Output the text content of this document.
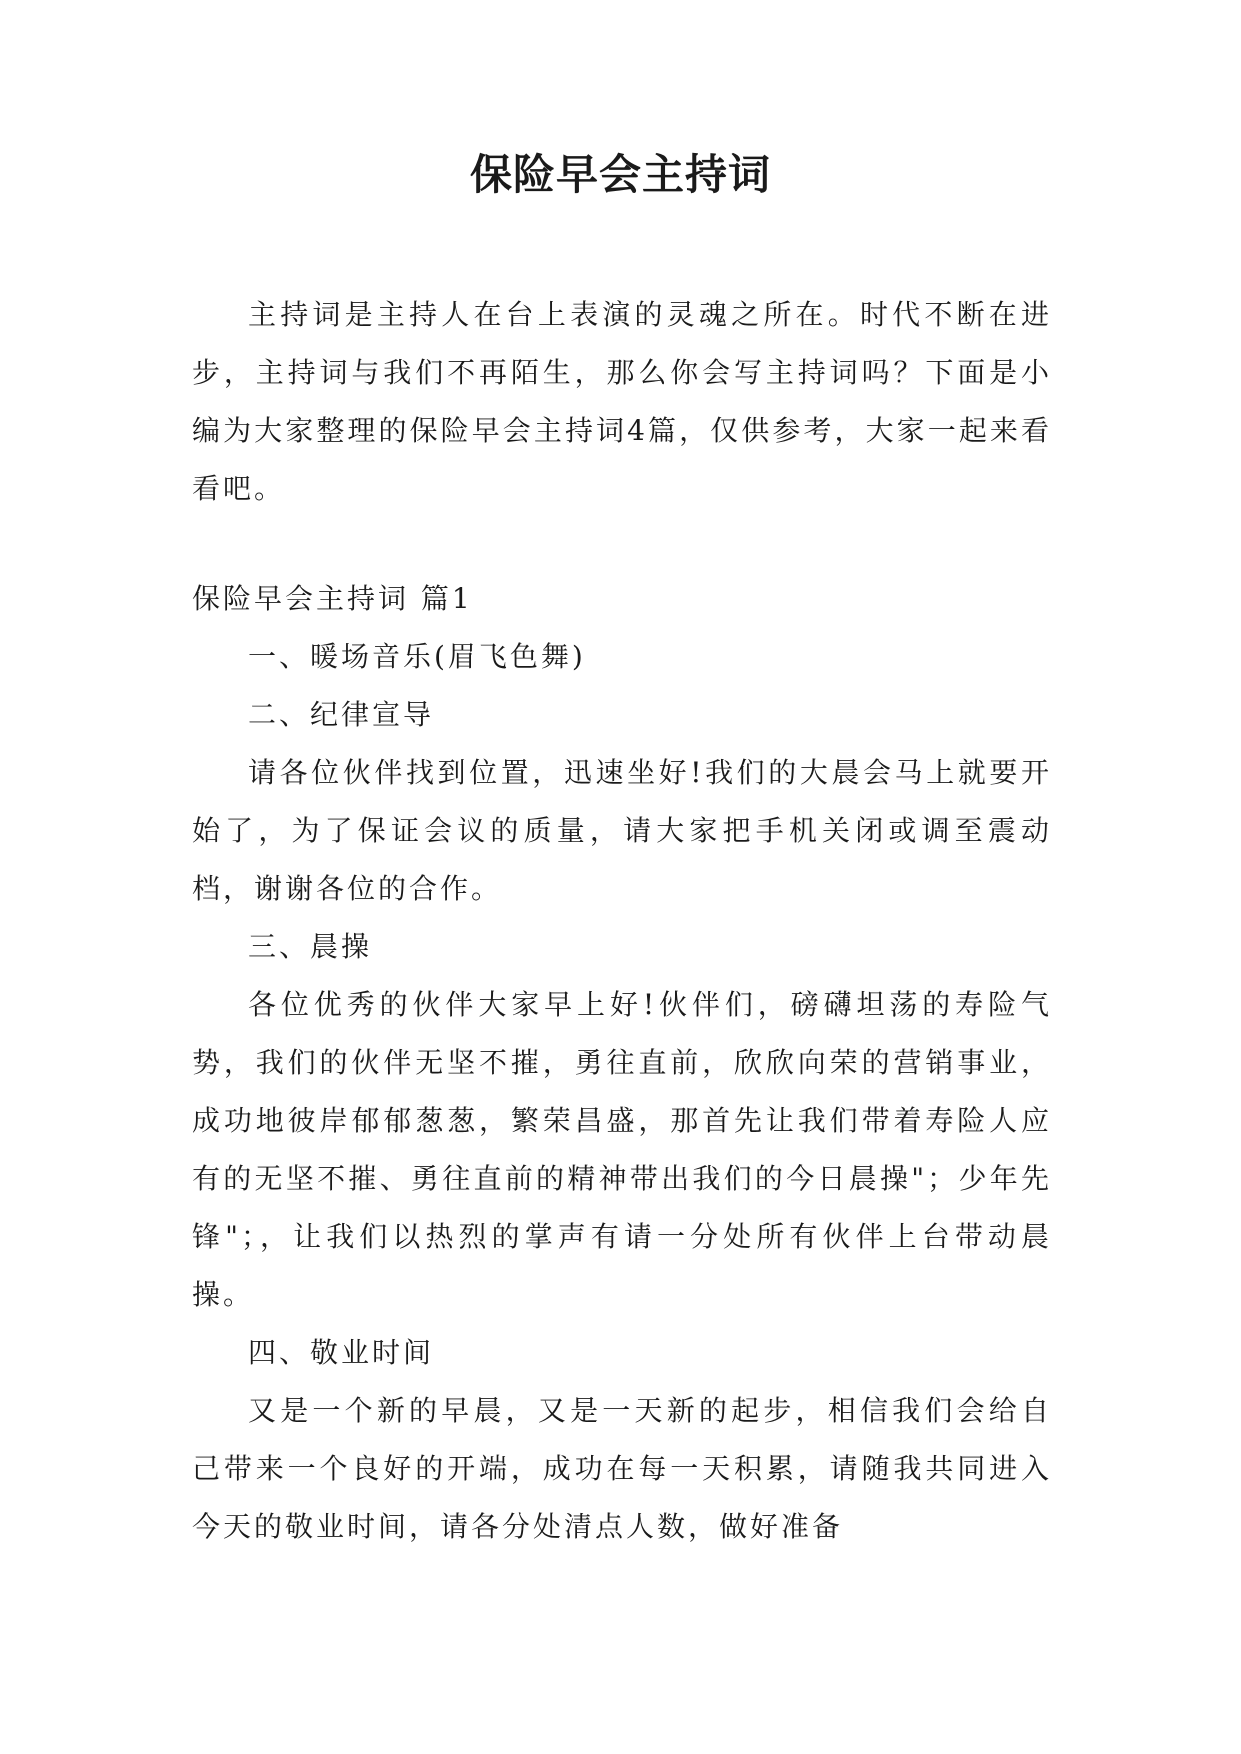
保险早会主持词

主持词是主持人在台上表演的灵魂之所在。时代不断在进步，主持词与我们不再陌生，那么你会写主持词吗？下面是小编为大家整理的保险早会主持词4篇，仅供参考，大家一起来看看吧。

保险早会主持词 篇1

一、暖场音乐(眉飞色舞)

二、纪律宣导

请各位伙伴找到位置，迅速坐好!我们的大晨会马上就要开始了，为了保证会议的质量，请大家把手机关闭或调至震动档，谢谢各位的合作。

三、晨操

各位优秀的伙伴大家早上好!伙伴们，磅礴坦荡的寿险气势，我们的伙伴无坚不摧，勇往直前，欣欣向荣的营销事业，成功地彼岸郁郁葱葱，繁荣昌盛，那首先让我们带着寿险人应有的无坚不摧、勇往直前的精神带出我们的今日晨操"；少年先锋"；，让我们以热烈的掌声有请一分处所有伙伴上台带动晨操。

四、敬业时间

又是一个新的早晨，又是一天新的起步，相信我们会给自己带来一个良好的开端，成功在每一天积累，请随我共同进入今天的敬业时间，请各分处清点人数，做好准备
